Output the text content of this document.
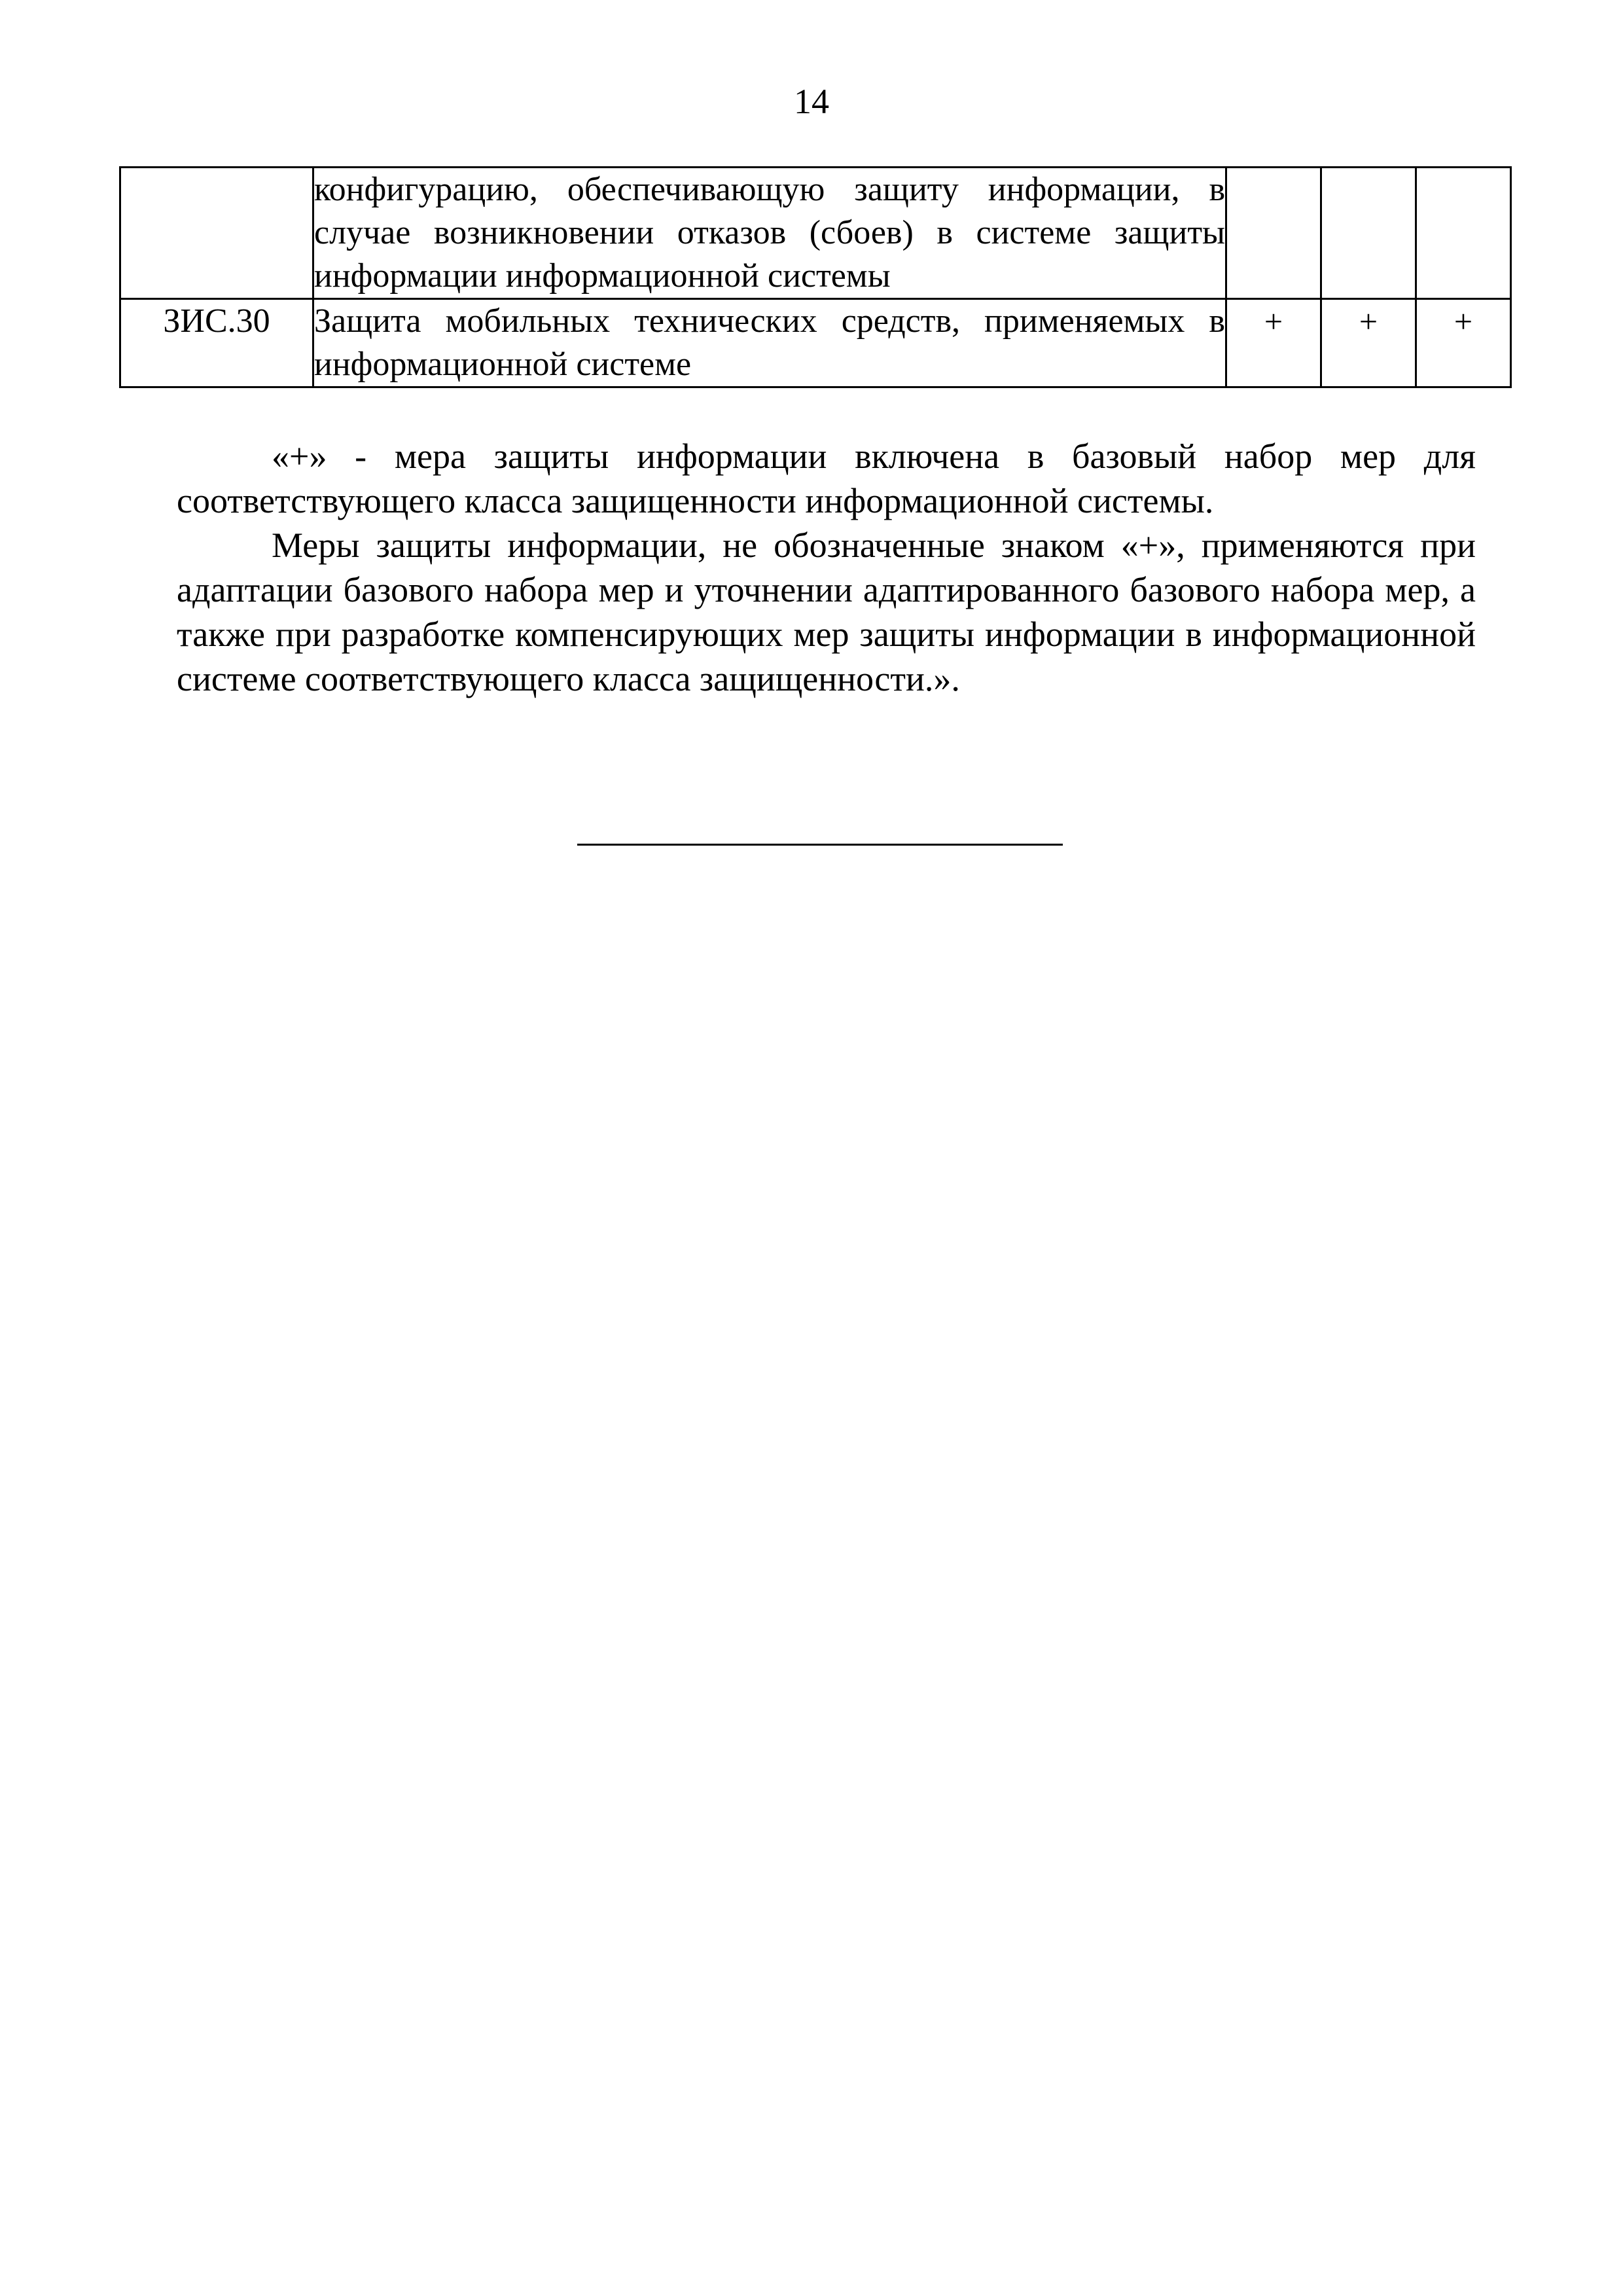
14
	конфигурацию, обеспечивающую защиту информации, в случае возникновении отказов (сбоев) в системе защиты информации информационной системы			
ЗИС.30	Защита мобильных технических средств, применяемых в информационной системе	+	+	+

«+» - мера защиты информации включена в базовый набор мер для соответствующего класса защищенности информационной системы.

Меры защиты информации, не обозначенные знаком «+», применяются при адаптации базового набора мер и уточнении адаптированного базового набора мер, а также при разработке компенсирующих мер защиты информации в информационной системе соответствующего класса защищенности.».
